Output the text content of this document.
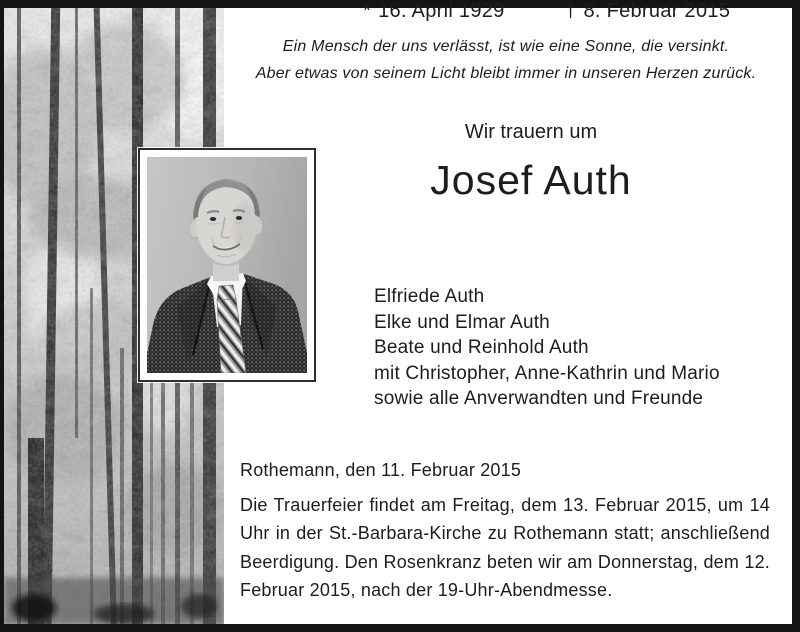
Ein Mensch der uns verlässt, ist wie eine Sonne, die versinkt.
Aber etwas von seinem Licht bleibt immer in unseren Herzen zurück.
Wir trauern um
Josef Auth
* 16. April 1929	† 8. Februar 2015
Elfriede Auth
Elke und Elmar Auth
Beate und Reinhold Auth
mit Christopher, Anne-Kathrin und Mario
sowie alle Anverwandten und Freunde
Rothemann, den 11. Februar 2015

Die Trauerfeier findet am Freitag, dem 13. Februar 2015, um 14 Uhr in der St.-Barbara-Kirche zu Rothemann statt; anschließend Beerdigung. Den Rosenkranz beten wir am Donnerstag, dem 12. Februar 2015, nach der 19-Uhr-Abendmesse.
